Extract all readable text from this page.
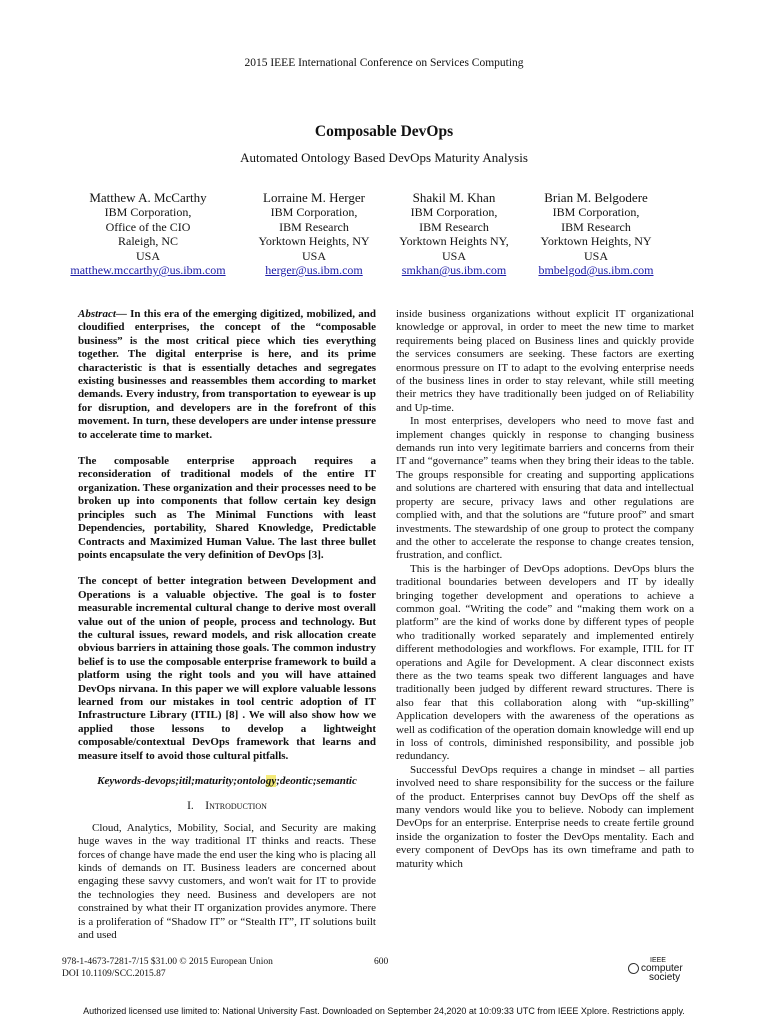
2015 IEEE International Conference on Services Computing
Composable DevOps
Automated Ontology Based DevOps Maturity Analysis
Matthew A. McCarthy
IBM Corporation,
Office of the CIO
Raleigh, NC
USA
matthew.mccarthy@us.ibm.com
Lorraine M. Herger
IBM Corporation,
IBM Research
Yorktown Heights, NY
USA
herger@us.ibm.com
Shakil M. Khan
IBM Corporation,
IBM Research
Yorktown Heights NY,
USA
smkhan@us.ibm.com
Brian M. Belgodere
IBM Corporation,
IBM Research
Yorktown Heights, NY
USA
bmbelgod@us.ibm.com

Abstract— In this era of the emerging digitized, mobilized, and cloudified enterprises, the concept of the “composable business” is the most critical piece which ties everything together. The digital enterprise is here, and its prime characteristic is that is essentially detaches and segregates existing businesses and reassembles them according to market demands. Every industry, from transportation to eyewear is up for disruption, and developers are in the forefront of this movement. In turn, these developers are under intense pressure to accelerate time to market.

The composable enterprise approach requires a reconsideration of traditional models of the entire IT organization. These organization and their processes need to be broken up into components that follow certain key design principles such as The Minimal Functions with least Dependencies, portability, Shared Knowledge, Predictable Contracts and Maximized Human Value. The last three bullet points encapsulate the very definition of DevOps [3].

The concept of better integration between Development and Operations is a valuable objective. The goal is to foster measurable incremental cultural change to derive most overall value out of the union of people, process and technology. But the cultural issues, reward models, and risk allocation create obvious barriers in attaining those goals. The common industry belief is to use the composable enterprise framework to build a platform using the right tools and you will have attained DevOps nirvana. In this paper we will explore valuable lessons learned from our mistakes in tool centric adoption of IT Infrastructure Library (ITIL) [8] . We will also show how we applied those lessons to develop a lightweight composable/contextual DevOps framework that learns and measure itself to avoid those cultural pitfalls.

Keywords-devops;itil;maturity;ontology;deontic;semantic
I. Introduction

Cloud, Analytics, Mobility, Social, and Security are making huge waves in the way traditional IT thinks and reacts. These forces of change have made the end user the king who is placing all kinds of demands on IT. Business leaders are concerned about engaging these savvy customers, and won't wait for IT to provide the technologies they need. Business and developers are not constrained by what their IT organization provides anymore. There is a proliferation of “Shadow IT” or “Stealth IT”, IT solutions built and used

inside business organizations without explicit IT organizational knowledge or approval, in order to meet the new time to market requirements being placed on Business lines and quickly provide the services consumers are seeking. These factors are exerting enormous pressure on IT to adapt to the evolving enterprise needs of the business lines in order to stay relevant, while still meeting their metrics they have traditionally been judged on of Reliability and Up-time.

In most enterprises, developers who need to move fast and implement changes quickly in response to changing business demands run into very legitimate barriers and concerns from their IT and “governance” teams when they bring their ideas to the table. The groups responsible for creating and supporting applications and solutions are chartered with ensuring that data and intellectual property are secure, privacy laws and other regulations are complied with, and that the solutions are “future proof” and smart investments. The stewardship of one group to protect the company and the other to accelerate the response to change creates tension, frustration, and conflict.

This is the harbinger of DevOps adoptions. DevOps blurs the traditional boundaries between developers and IT by ideally bringing together development and operations to achieve a common goal. “Writing the code” and “making them work on a platform” are the kind of works done by different types of people who traditionally worked separately and implemented entirely different methodologies and workflows. For example, ITIL for IT operations and Agile for Development. A clear disconnect exists there as the two teams speak two different languages and have traditionally been judged by different reward structures. There is also fear that this collaboration along with “up-skilling” Application developers with the awareness of the operations as well as codification of the operation domain knowledge will end up in loss of controls, diminished responsibility, and possible job redundancy.

Successful DevOps requires a change in mindset – all parties involved need to share responsibility for the success or the failure of the product. Enterprises cannot buy DevOps off the shelf as many vendors would like you to believe. Nobody can implement DevOps for an enterprise. Enterprise needs to create fertile ground inside the organization to foster the DevOps mentality. Each and every component of DevOps has its own timeframe and path to maturity which

978-1-4673-7281-7/15 $31.00 © 2015 European Union
DOI 10.1109/SCC.2015.87
600	IEEE
computer
society
Authorized licensed use limited to: National University Fast. Downloaded on September 24,2020 at 10:09:33 UTC from IEEE Xplore. Restrictions apply.
